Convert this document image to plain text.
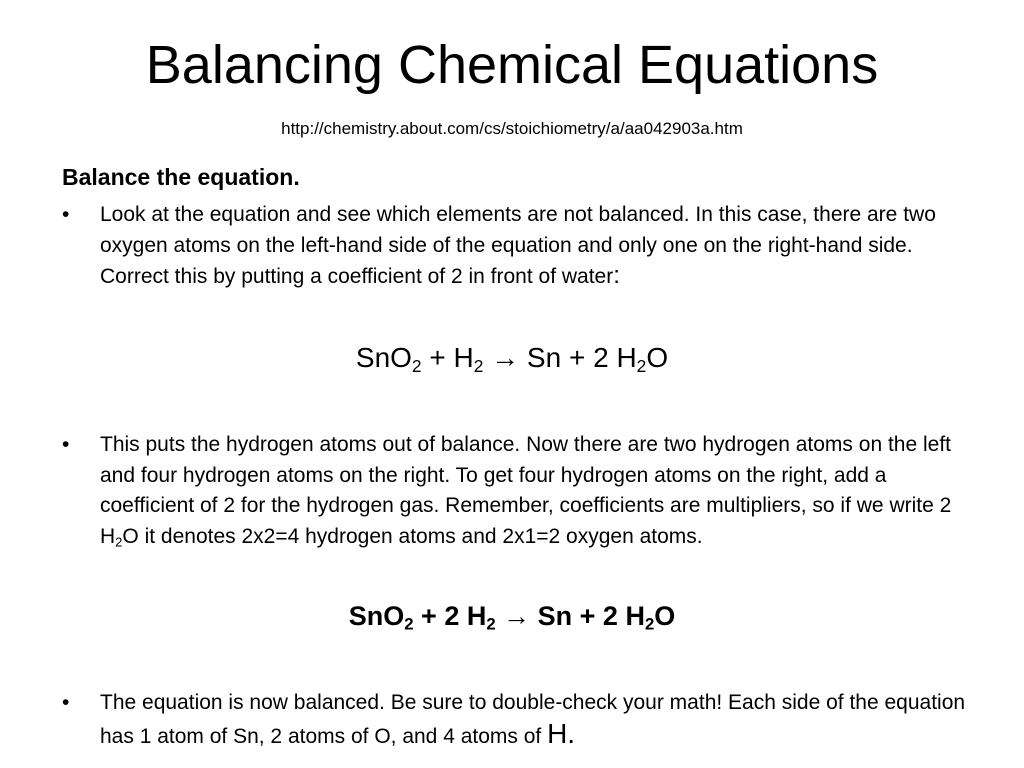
Balancing Chemical Equations
http://chemistry.about.com/cs/stoichiometry/a/aa042903a.htm
Balance the equation.
• Look at the equation and see which elements are not balanced. In this case, there are two oxygen atoms on the left-hand side of the equation and only one on the right-hand side. Correct this by putting a coefficient of 2 in front of water:
$SnO_2 + H_2 \to Sn + 2$ $H_2O$
• This puts the hydrogen atoms out of balance. Now there are two hydrogen atoms on the left and four hydrogen atoms on the right. To get four hydrogen atoms on the right, add a coefficient of 2 for the hydrogen gas. Remember, coefficients are multipliers, so if we write 2 $H_2O$ it denotes 2x2=4 hydrogen atoms and 2x1=2 oxygen atoms.
SnO$_2$ + 2 $H_2 \to Sn + 2$ $H_2O$
• The equation is now balanced. Be sure to double-check your math! Each side of the equation has 1 atom of Sn, 2 atoms of O, and 4 atoms of H.
